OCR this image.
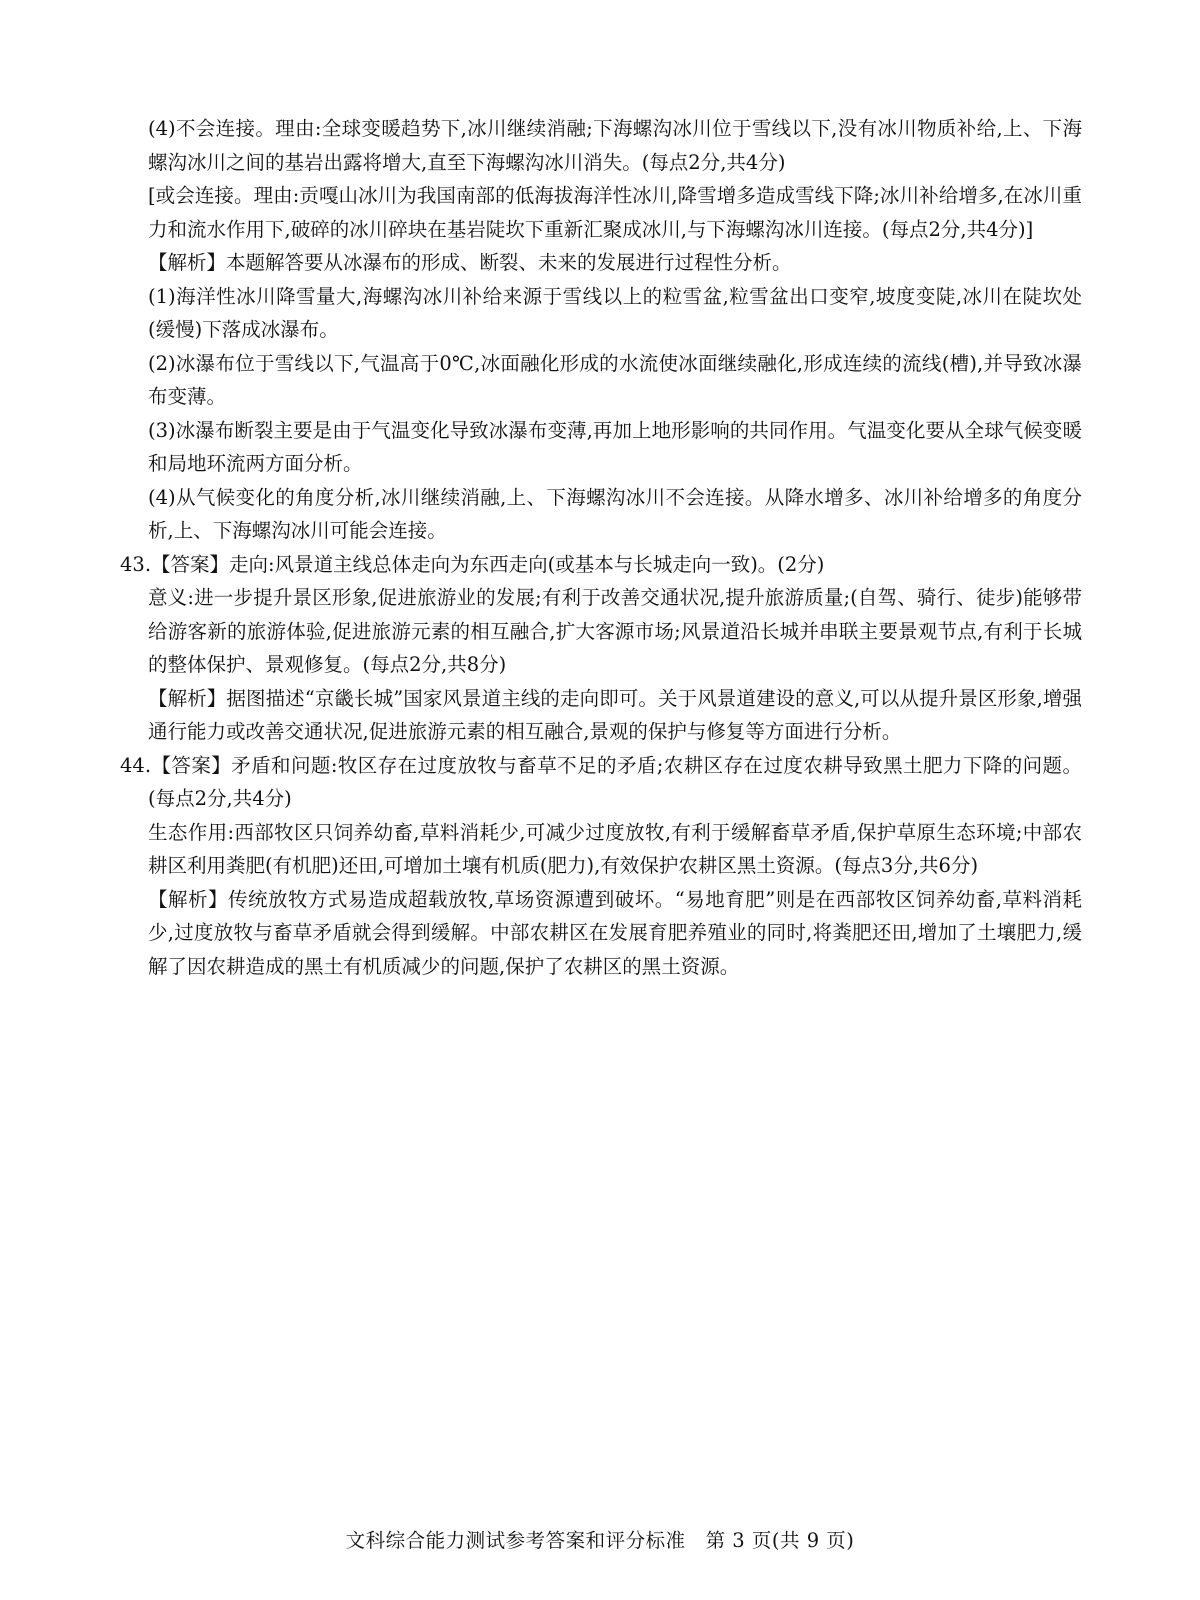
(4)不会连接。理由:全球变暖趋势下,冰川继续消融;下海螺沟冰川位于雪线以下,没有冰川物质补给,上、下海螺沟冰川之间的基岩出露将增大,直至下海螺沟冰川消失。(每点2分,共4分)

[或会连接。理由:贡嘎山冰川为我国南部的低海拔海洋性冰川,降雪增多造成雪线下降;冰川补给增多,在冰川重力和流水作用下,破碎的冰川碎块在基岩陡坎下重新汇聚成冰川,与下海螺沟冰川连接。(每点2分,共4分)]

【解析】本题解答要从冰瀑布的形成、断裂、未来的发展进行过程性分析。

(1)海洋性冰川降雪量大,海螺沟冰川补给来源于雪线以上的粒雪盆,粒雪盆出口变窄,坡度变陡,冰川在陡坎处(缓慢)下落成冰瀑布。

(2)冰瀑布位于雪线以下,气温高于0℃,冰面融化形成的水流使冰面继续融化,形成连续的流线(槽),并导致冰瀑布变薄。

(3)冰瀑布断裂主要是由于气温变化导致冰瀑布变薄,再加上地形影响的共同作用。气温变化要从全球气候变暖和局地环流两方面分析。

(4)从气候变化的角度分析,冰川继续消融,上、下海螺沟冰川不会连接。从降水增多、冰川补给增多的角度分析,上、下海螺沟冰川可能会连接。

43.【答案】走向:风景道主线总体走向为东西走向(或基本与长城走向一致)。(2分)

意义:进一步提升景区形象,促进旅游业的发展;有利于改善交通状况,提升旅游质量;(自驾、骑行、徒步)能够带给游客新的旅游体验,促进旅游元素的相互融合,扩大客源市场;风景道沿长城并串联主要景观节点,有利于长城的整体保护、景观修复。(每点2分,共8分)

【解析】据图描述“京畿长城”国家风景道主线的走向即可。关于风景道建设的意义,可以从提升景区形象,增强通行能力或改善交通状况,促进旅游元素的相互融合,景观的保护与修复等方面进行分析。

44.【答案】矛盾和问题:牧区存在过度放牧与畜草不足的矛盾;农耕区存在过度农耕导致黑土肥力下降的问题。(每点2分,共4分)

生态作用:西部牧区只饲养幼畜,草料消耗少,可减少过度放牧,有利于缓解畜草矛盾,保护草原生态环境;中部农耕区利用粪肥(有机肥)还田,可增加土壤有机质(肥力),有效保护农耕区黑土资源。(每点3分,共6分)

【解析】传统放牧方式易造成超载放牧,草场资源遭到破坏。“易地育肥”则是在西部牧区饲养幼畜,草料消耗少,过度放牧与畜草矛盾就会得到缓解。中部农耕区在发展育肥养殖业的同时,将粪肥还田,增加了土壤肥力,缓解了因农耕造成的黑土有机质减少的问题,保护了农耕区的黑土资源。

文科综合能力测试参考答案和评分标准　第 3 页(共 9 页)
